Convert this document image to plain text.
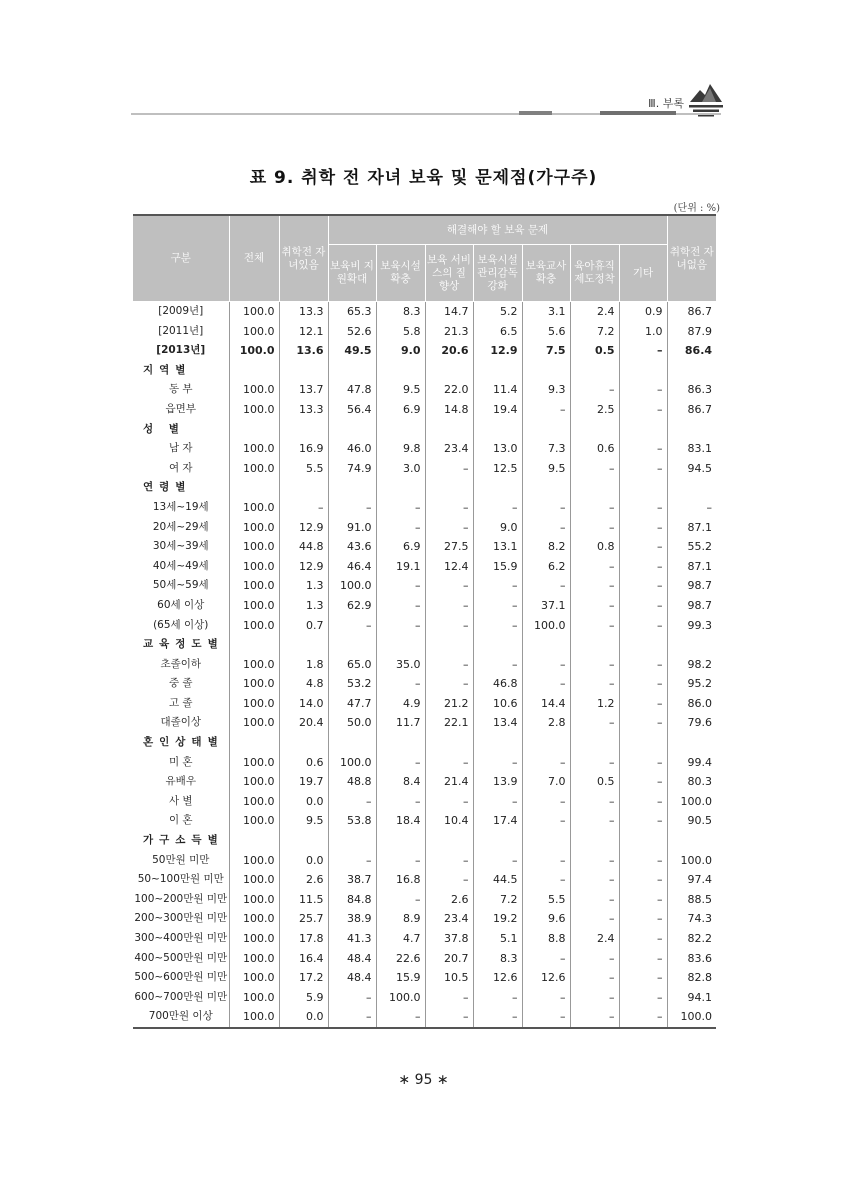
Ⅲ. 부록
표 9. 취학 전 자녀 보육 및 문제점(가구주)
(단위 : %)
구분	전체	취학전 자녀있음	해결해야 할 보육 문제							취학전 자녀없음
			보육비 지원확대	보육시설 확충	보육 서비스의 질 향상	보육시설 관리감독 강화	보육교사 확충	육아휴직 제도정착	기타	
[2009년]	100.0	13.3	65.3	8.3	14.7	5.2	3.1	2.4	0.9	86.7
[2011년]	100.0	12.1	52.6	5.8	21.3	6.5	5.6	7.2	1.0	87.9
[2013년]	100.0	13.6	49.5	9.0	20.6	12.9	7.5	0.5	–	86.4
지역별										
동 부	100.0	13.7	47.8	9.5	22.0	11.4	9.3	–	–	86.3
읍면부	100.0	13.3	56.4	6.9	14.8	19.4	–	2.5	–	86.7
성 별										
남 자	100.0	16.9	46.0	9.8	23.4	13.0	7.3	0.6	–	83.1
여 자	100.0	5.5	74.9	3.0	–	12.5	9.5	–	–	94.5
연령별										
13세~19세	100.0	–	–	–	–	–	–	–	–	–
20세~29세	100.0	12.9	91.0	–	–	9.0	–	–	–	87.1
30세~39세	100.0	44.8	43.6	6.9	27.5	13.1	8.2	0.8	–	55.2
40세~49세	100.0	12.9	46.4	19.1	12.4	15.9	6.2	–	–	87.1
50세~59세	100.0	1.3	100.0	–	–	–	–	–	–	98.7
60세 이상	100.0	1.3	62.9	–	–	–	37.1	–	–	98.7
(65세 이상)	100.0	0.7	–	–	–	–	100.0	–	–	99.3
교육정도별										
초졸이하	100.0	1.8	65.0	35.0	–	–	–	–	–	98.2
중 졸	100.0	4.8	53.2	–	–	46.8	–	–	–	95.2
고 졸	100.0	14.0	47.7	4.9	21.2	10.6	14.4	1.2	–	86.0
대졸이상	100.0	20.4	50.0	11.7	22.1	13.4	2.8	–	–	79.6
혼인상태별										
미 혼	100.0	0.6	100.0	–	–	–	–	–	–	99.4
유배우	100.0	19.7	48.8	8.4	21.4	13.9	7.0	0.5	–	80.3
사 별	100.0	0.0	–	–	–	–	–	–	–	100.0
이 혼	100.0	9.5	53.8	18.4	10.4	17.4	–	–	–	90.5
가구소득별										
50만원 미만	100.0	0.0	–	–	–	–	–	–	–	100.0
50~100만원 미만	100.0	2.6	38.7	16.8	–	44.5	–	–	–	97.4
100~200만원 미만	100.0	11.5	84.8	–	2.6	7.2	5.5	–	–	88.5
200~300만원 미만	100.0	25.7	38.9	8.9	23.4	19.2	9.6	–	–	74.3
300~400만원 미만	100.0	17.8	41.3	4.7	37.8	5.1	8.8	2.4	–	82.2
400~500만원 미만	100.0	16.4	48.4	22.6	20.7	8.3	–	–	–	83.6
500~600만원 미만	100.0	17.2	48.4	15.9	10.5	12.6	12.6	–	–	82.8
600~700만원 미만	100.0	5.9	–	100.0	–	–	–	–	–	94.1
700만원 이상	100.0	0.0	–	–	–	–	–	–	–	100.0
∗ 95 ∗
